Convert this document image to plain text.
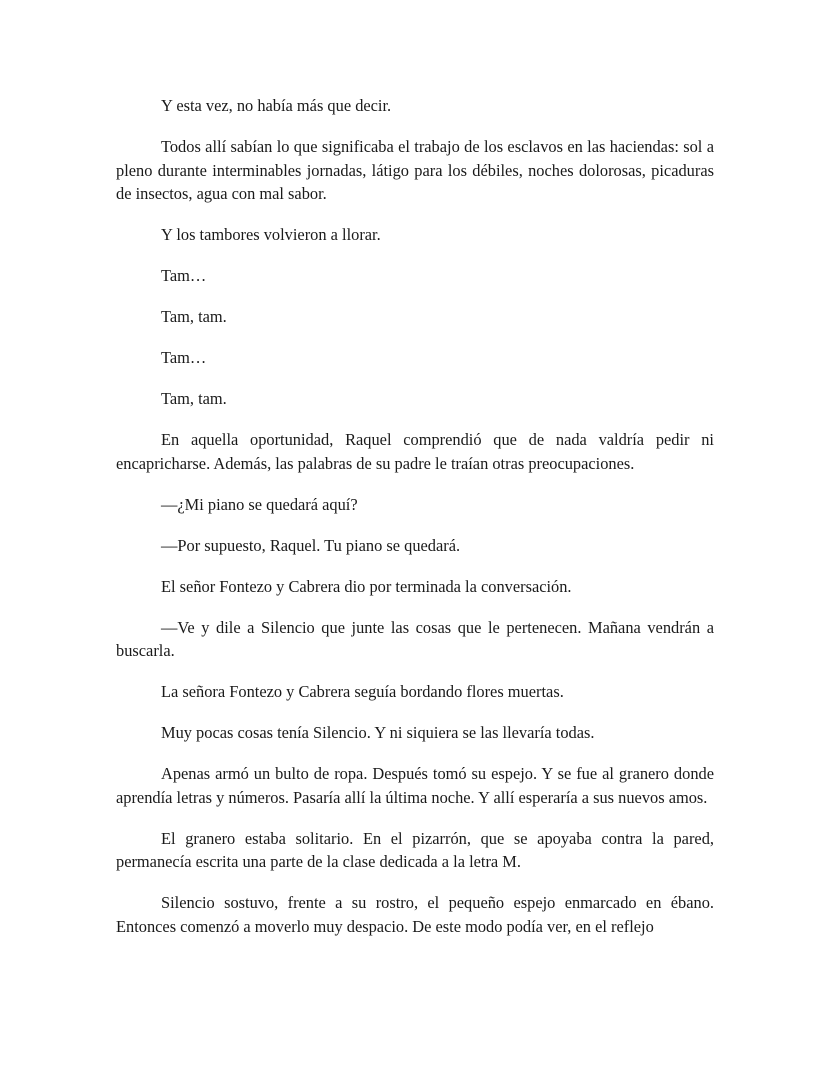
Y esta vez, no había más que decir.

Todos allí sabían lo que significaba el trabajo de los esclavos en las haciendas: sol a pleno durante interminables jornadas, látigo para los débiles, noches dolorosas, picaduras de insectos, agua con mal sabor.

Y los tambores volvieron a llorar.

Tam…

Tam, tam.

Tam…

Tam, tam.

En aquella oportunidad, Raquel comprendió que de nada valdría pedir ni encapricharse. Además, las palabras de su padre le traían otras preocupaciones.

—¿Mi piano se quedará aquí?

—Por supuesto, Raquel. Tu piano se quedará.

El señor Fontezo y Cabrera dio por terminada la conversación.

—Ve y dile a Silencio que junte las cosas que le pertenecen. Mañana vendrán a buscarla.

La señora Fontezo y Cabrera seguía bordando flores muertas.

Muy pocas cosas tenía Silencio. Y ni siquiera se las llevaría todas.

Apenas armó un bulto de ropa. Después tomó su espejo. Y se fue al granero donde aprendía letras y números. Pasaría allí la última noche. Y allí esperaría a sus nuevos amos.

El granero estaba solitario. En el pizarrón, que se apoyaba contra la pared, permanecía escrita una parte de la clase dedicada a la letra M.

Silencio sostuvo, frente a su rostro, el pequeño espejo enmarcado en ébano. Entonces comenzó a moverlo muy despacio. De este modo podía ver, en el reflejo
